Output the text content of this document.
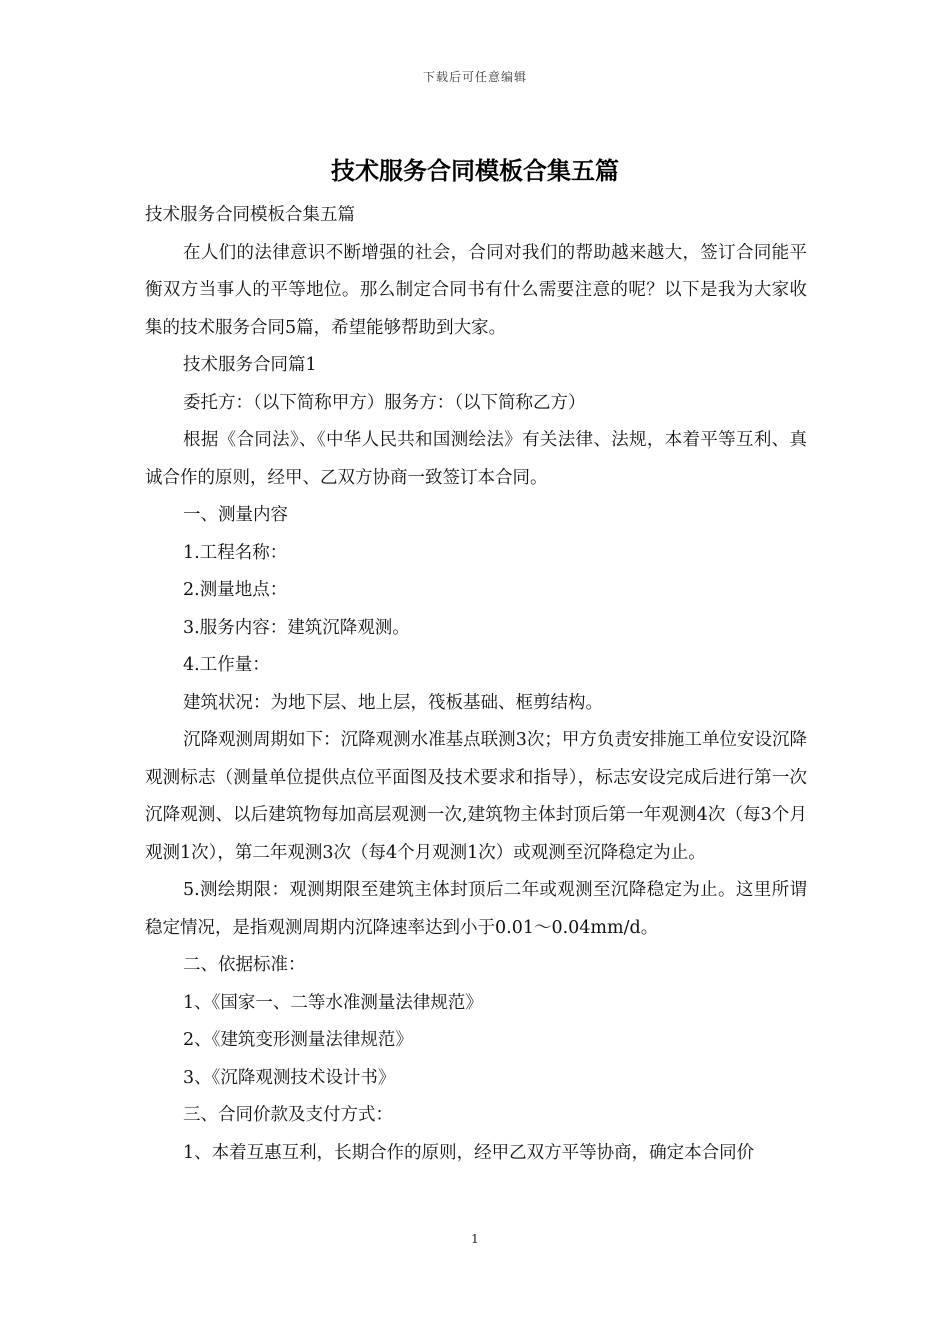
下载后可任意编辑
技术服务合同模板合集五篇

技术服务合同模板合集五篇

在人们的法律意识不断增强的社会，合同对我们的帮助越来越大，签订合同能平衡双方当事人的平等地位。那么制定合同书有什么需要注意的呢？以下是我为大家收集的技术服务合同5篇，希望能够帮助到大家。

技术服务合同篇1

委托方：（以下简称甲方）服务方：（以下简称乙方）

根据《合同法》、《中华人民共和国测绘法》有关法律、法规，本着平等互利、真诚合作的原则，经甲、乙双方协商一致签订本合同。

一、测量内容

1.工程名称：

2.测量地点：

3.服务内容：建筑沉降观测。

4.工作量：

建筑状况：为地下层、地上层，筏板基础、框剪结构。

沉降观测周期如下：沉降观测水准基点联测3次；甲方负责安排施工单位安设沉降观测标志（测量单位提供点位平面图及技术要求和指导），标志安设完成后进行第一次沉降观测、以后建筑物每加高层观测一次,建筑物主体封顶后第一年观测4次（每3个月观测1次），第二年观测3次（每4个月观测1次）或观测至沉降稳定为止。

5.测绘期限：观测期限至建筑主体封顶后二年或观测至沉降稳定为止。这里所谓稳定情况，是指观测周期内沉降速率达到小于0.01～0.04mm/d。

二、依据标准：

1、《国家一、二等水准测量法律规范》

2、《建筑变形测量法律规范》

3、《沉降观测技术设计书》

三、合同价款及支付方式：

1、本着互惠互利，长期合作的原则，经甲乙双方平等协商，确定本合同价

1
